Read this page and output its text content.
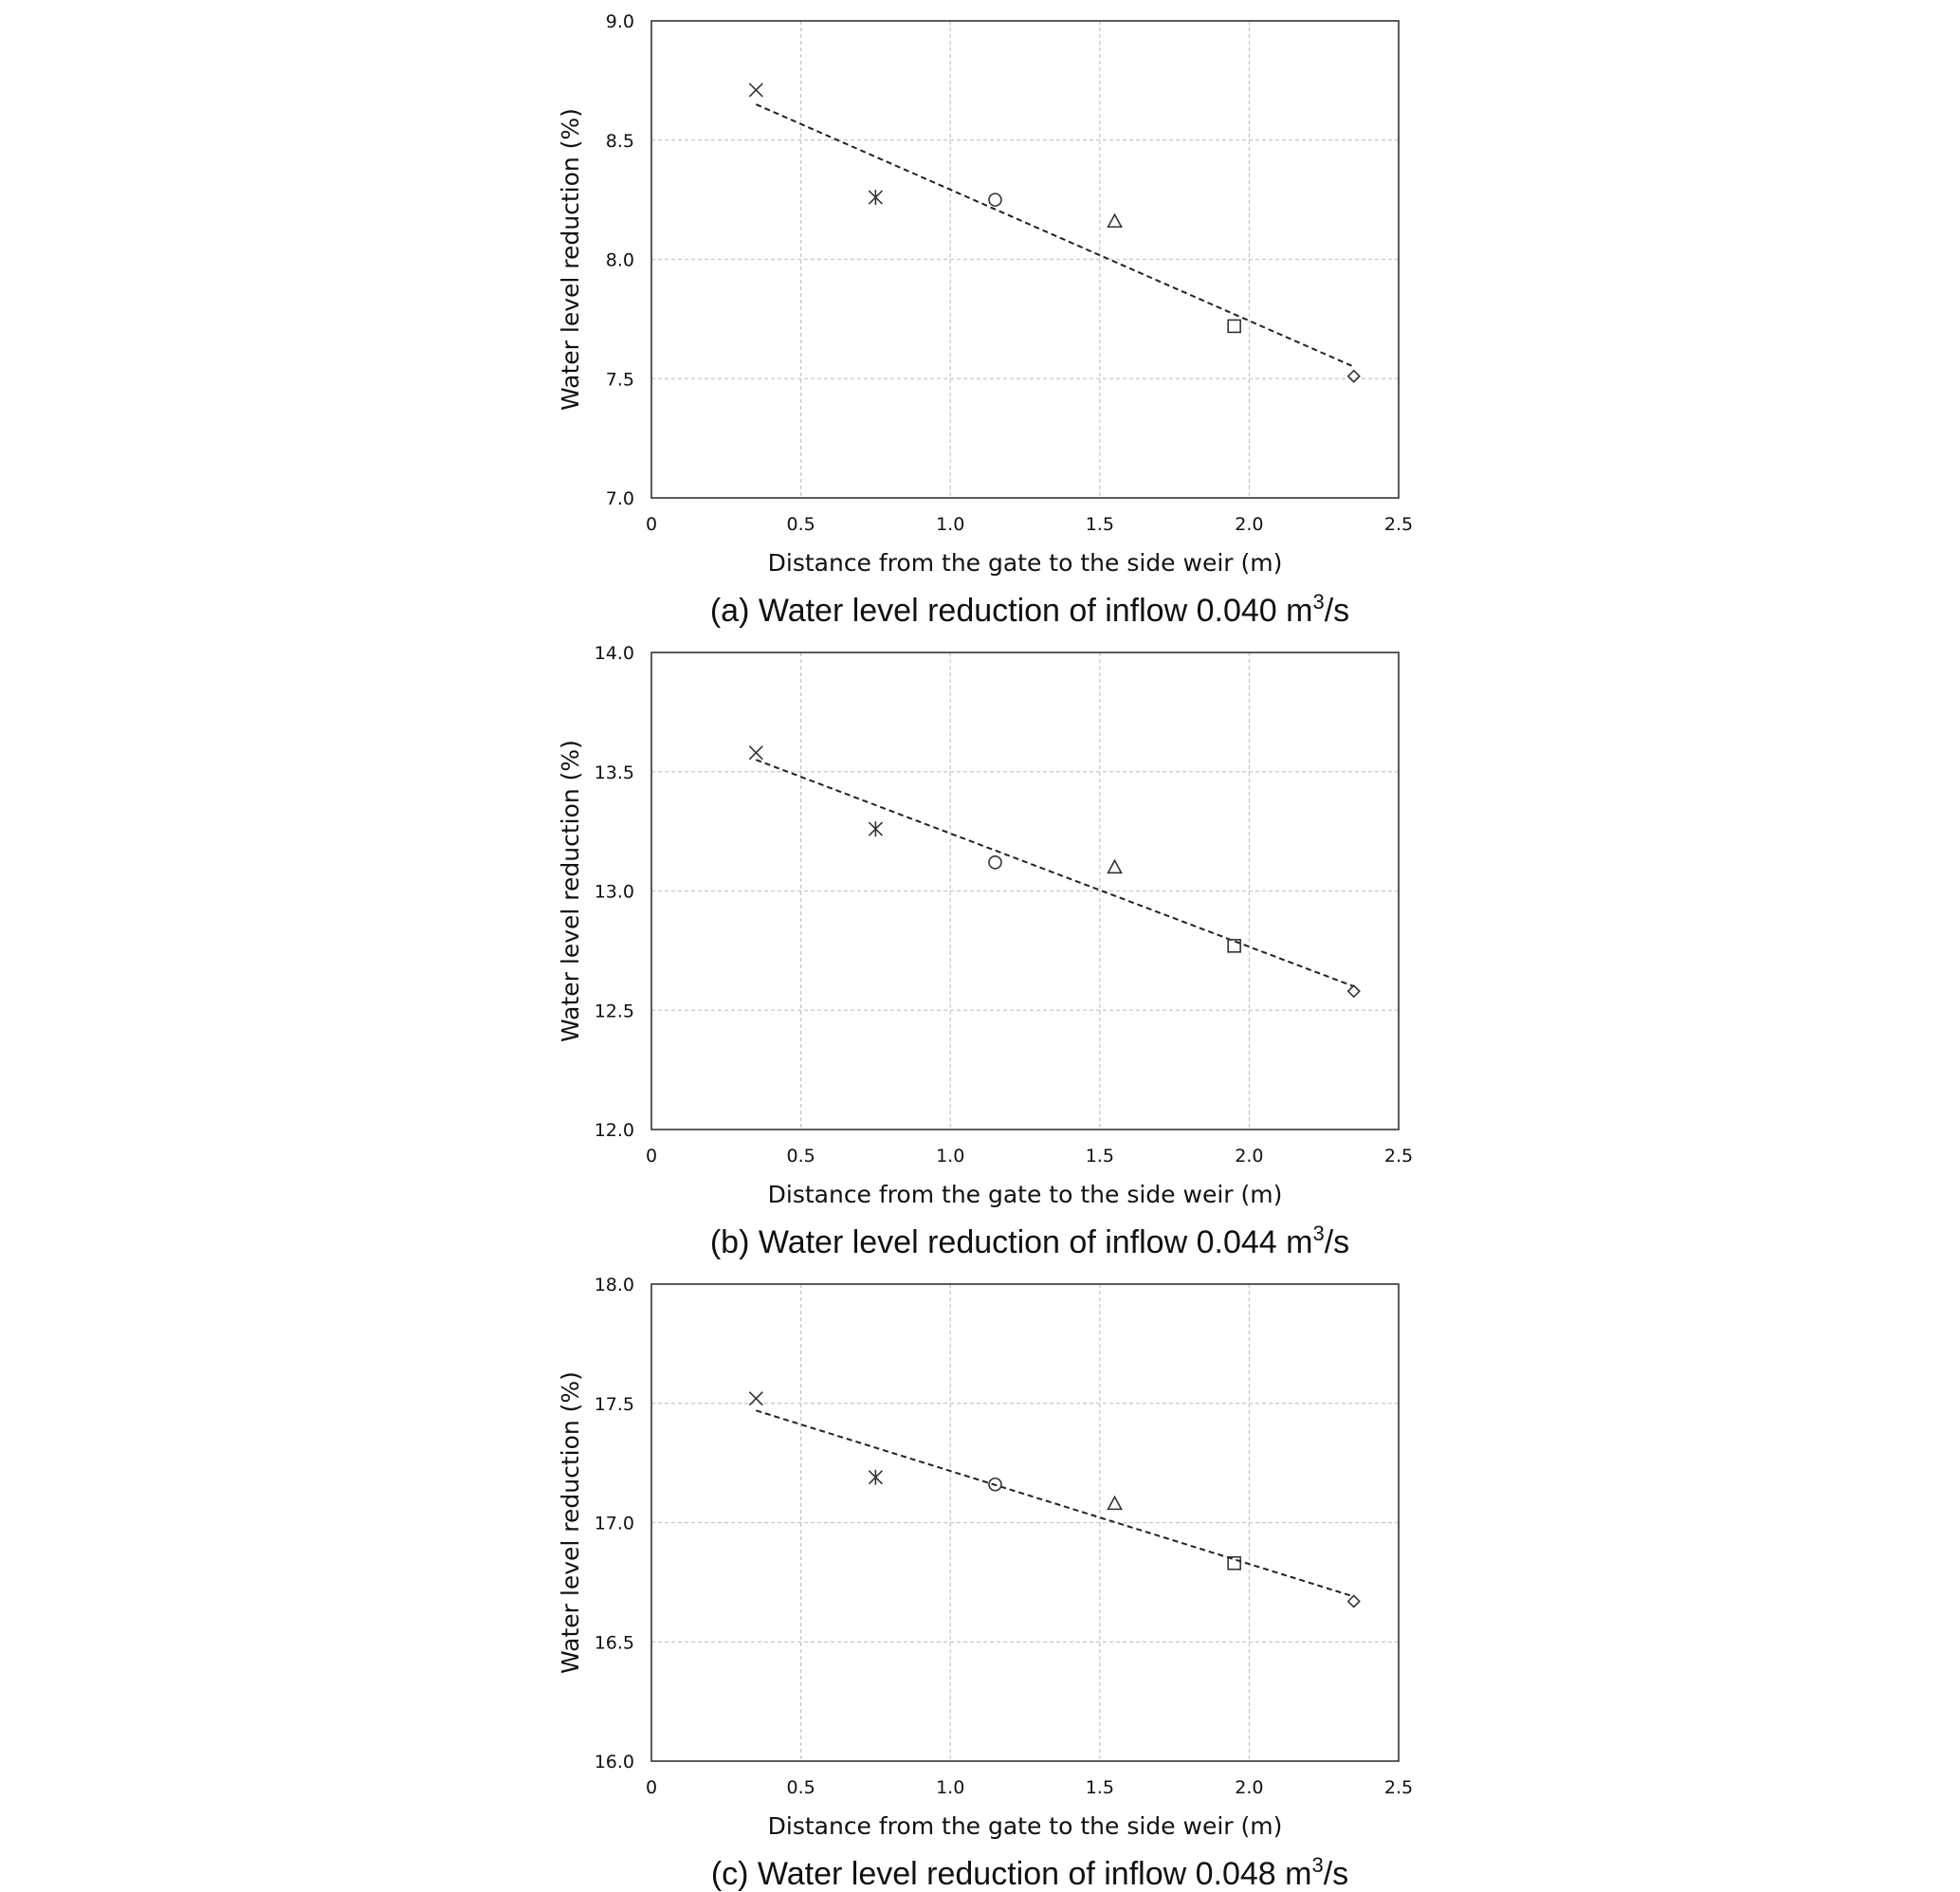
0	0.5	1.0	1.5	2.0	2.5
7.0
7.5
8.0
8.5
9.0
Distance from the gate to the side weir (m)
Water level reduction (%)
(a) Water level reduction of inflow 0.040 $m^3/s$
0	0.5	1.0	1.5	2.0	2.5
12.0
12.5
13.0
13.5
14.0
Distance from the gate to the side weir (m)
Water level reduction (%)
(b) Water level reduction of inflow 0.044 $m^3/s$
0	0.5	1.0	1.5	2.0	2.5
16.0
16.5
17.0
17.5
18.0
Distance from the gate to the side weir (m)
Water level reduction (%)
(c) Water level reduction of inflow 0.048 $m^3/s$
